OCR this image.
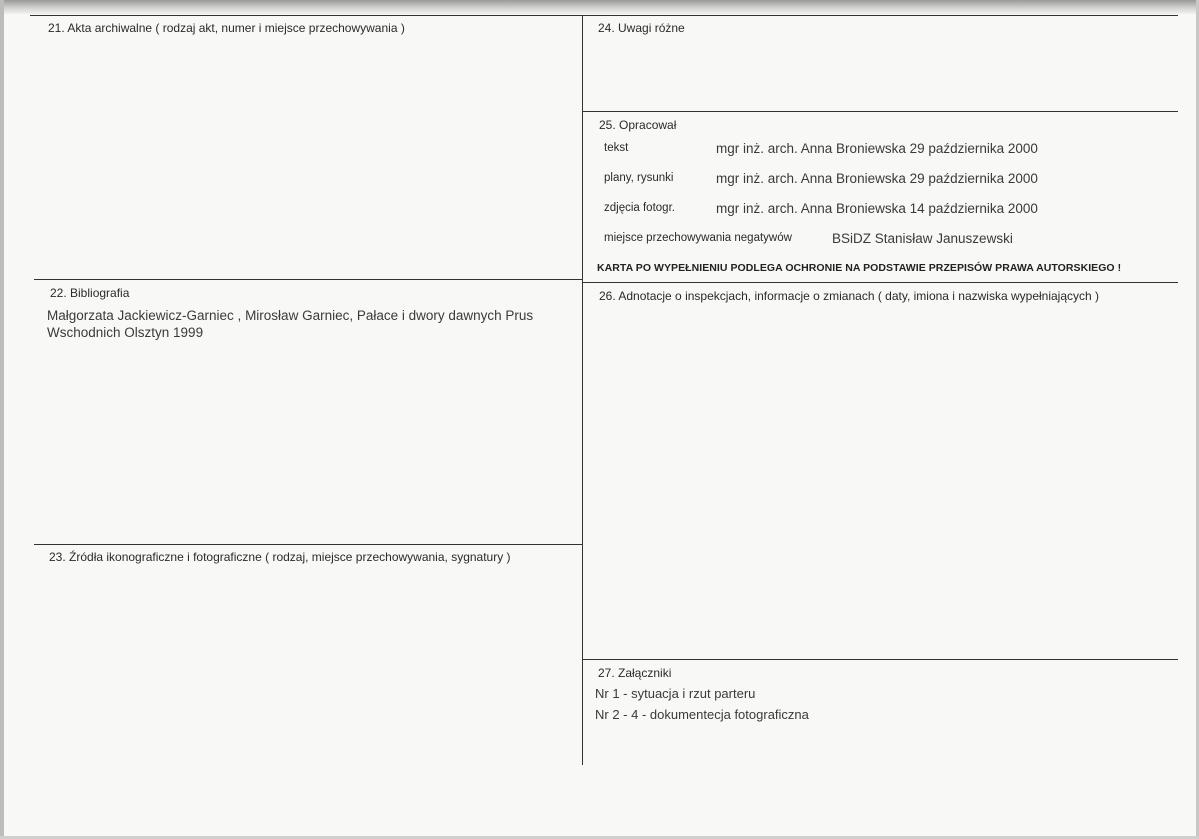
21. Akta archiwalne ( rodzaj akt, numer i miejsce przechowywania )
22. Bibliografia
Małgorzata Jackiewicz-Garniec , Mirosław Garniec, Pałace i dwory dawnych Prus
Wschodnich Olsztyn 1999
23. Źródła ikonograficzne i fotograficzne ( rodzaj, miejsce przechowywania, sygnatury )
24. Uwagi różne
25. Opracował
tekst	mgr inż. arch. Anna Broniewska 29 października 2000
plany, rysunki	mgr inż. arch. Anna Broniewska 29 października 2000
zdjęcia fotogr.	mgr inż. arch. Anna Broniewska 14 października 2000
miejsce przechowywania negatywów	BSiDZ Stanisław Januszewski
KARTA PO WYPEŁNIENIU PODLEGA OCHRONIE NA PODSTAWIE PRZEPISÓW PRAWA AUTORSKIEGO !
26. Adnotacje o inspekcjach, informacje o zmianach ( daty, imiona i nazwiska wypełniających )
27. Załączniki
Nr 1 - sytuacja i rzut parteru
Nr 2 - 4 - dokumentecja fotograficzna
